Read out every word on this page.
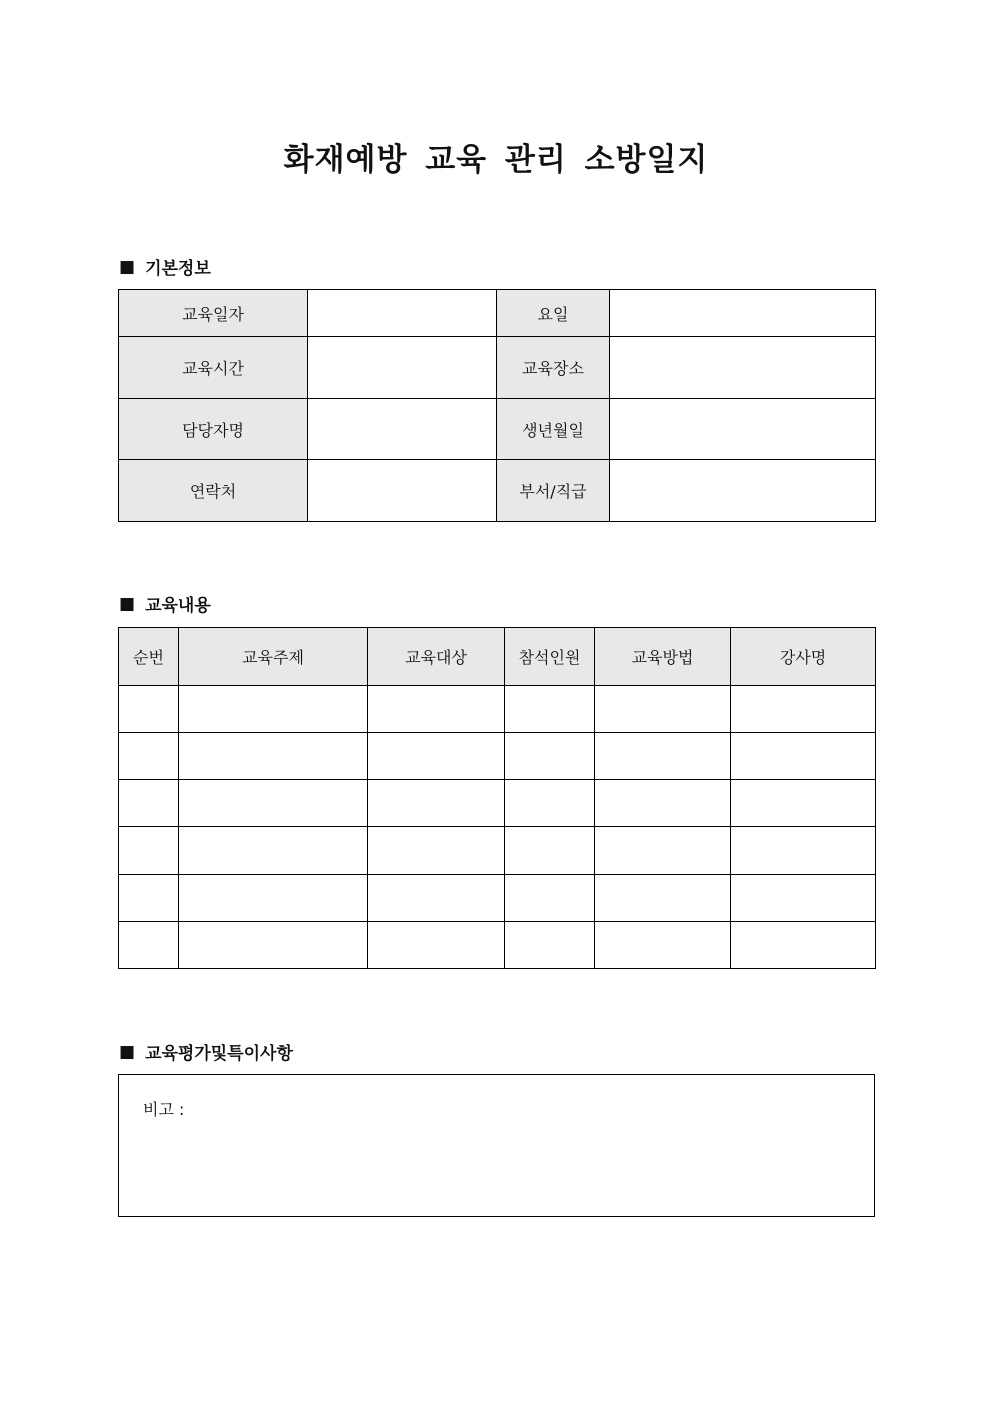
화재예방 교육 관리 소방일지
■ 기본정보
교육일자		요일	
교육시간		교육장소	
담당자명		생년월일	
연락처		부서/직급	
■ 교육내용
순번	교육주제	교육대상	참석인원	교육방법	강사명

■ 교육평가및특이사항
비고 :
